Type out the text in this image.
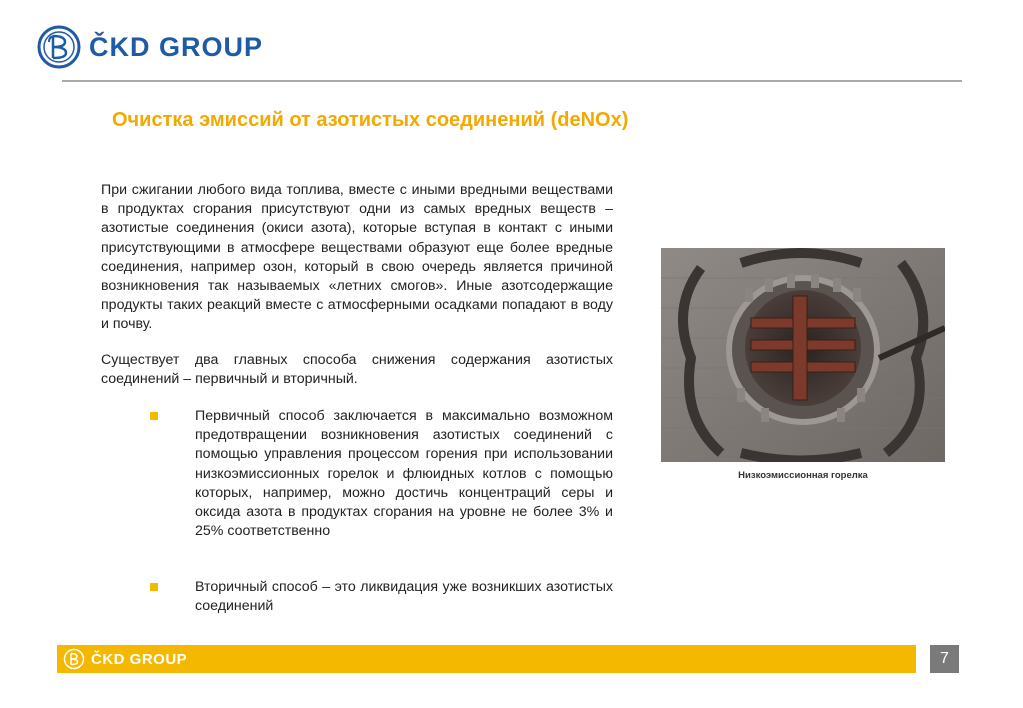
ČKD GROUP
Очистка эмиссий от азотистых соединений (deNOx)

При сжигании любого вида топлива, вместе с иными вредными веществами в продуктах сгорания присутствуют одни из самых вредных веществ – азотистые соединения (окиси азота), которые вступая в контакт с иными присутствующими в атмосфере веществами образуют еще более вредные соединения, например озон, который в свою очередь является причиной возникновения так называемых «летних смогов». Иные азотсодержащие продукты таких реакций вместе с атмосферными осадками попадают в воду и почву.

Существует два главных способа снижения содержания азотистых соединений – первичный и вторичный.

Первичный способ заключается в максимально возможном предотвращении возникновения азотистых соединений с помощью управления процессом горения при использовании низкоэмиссионных горелок и флюидных котлов с помощью которых, например, можно достичь концентраций серы и оксида азота в продуктах сгорания на уровне не более 3% и 25% соответственно
Вторичный способ – это ликвидация уже возникших азотистых соединений
Низкоэмиссионная горелка
ČKD GROUP	7
